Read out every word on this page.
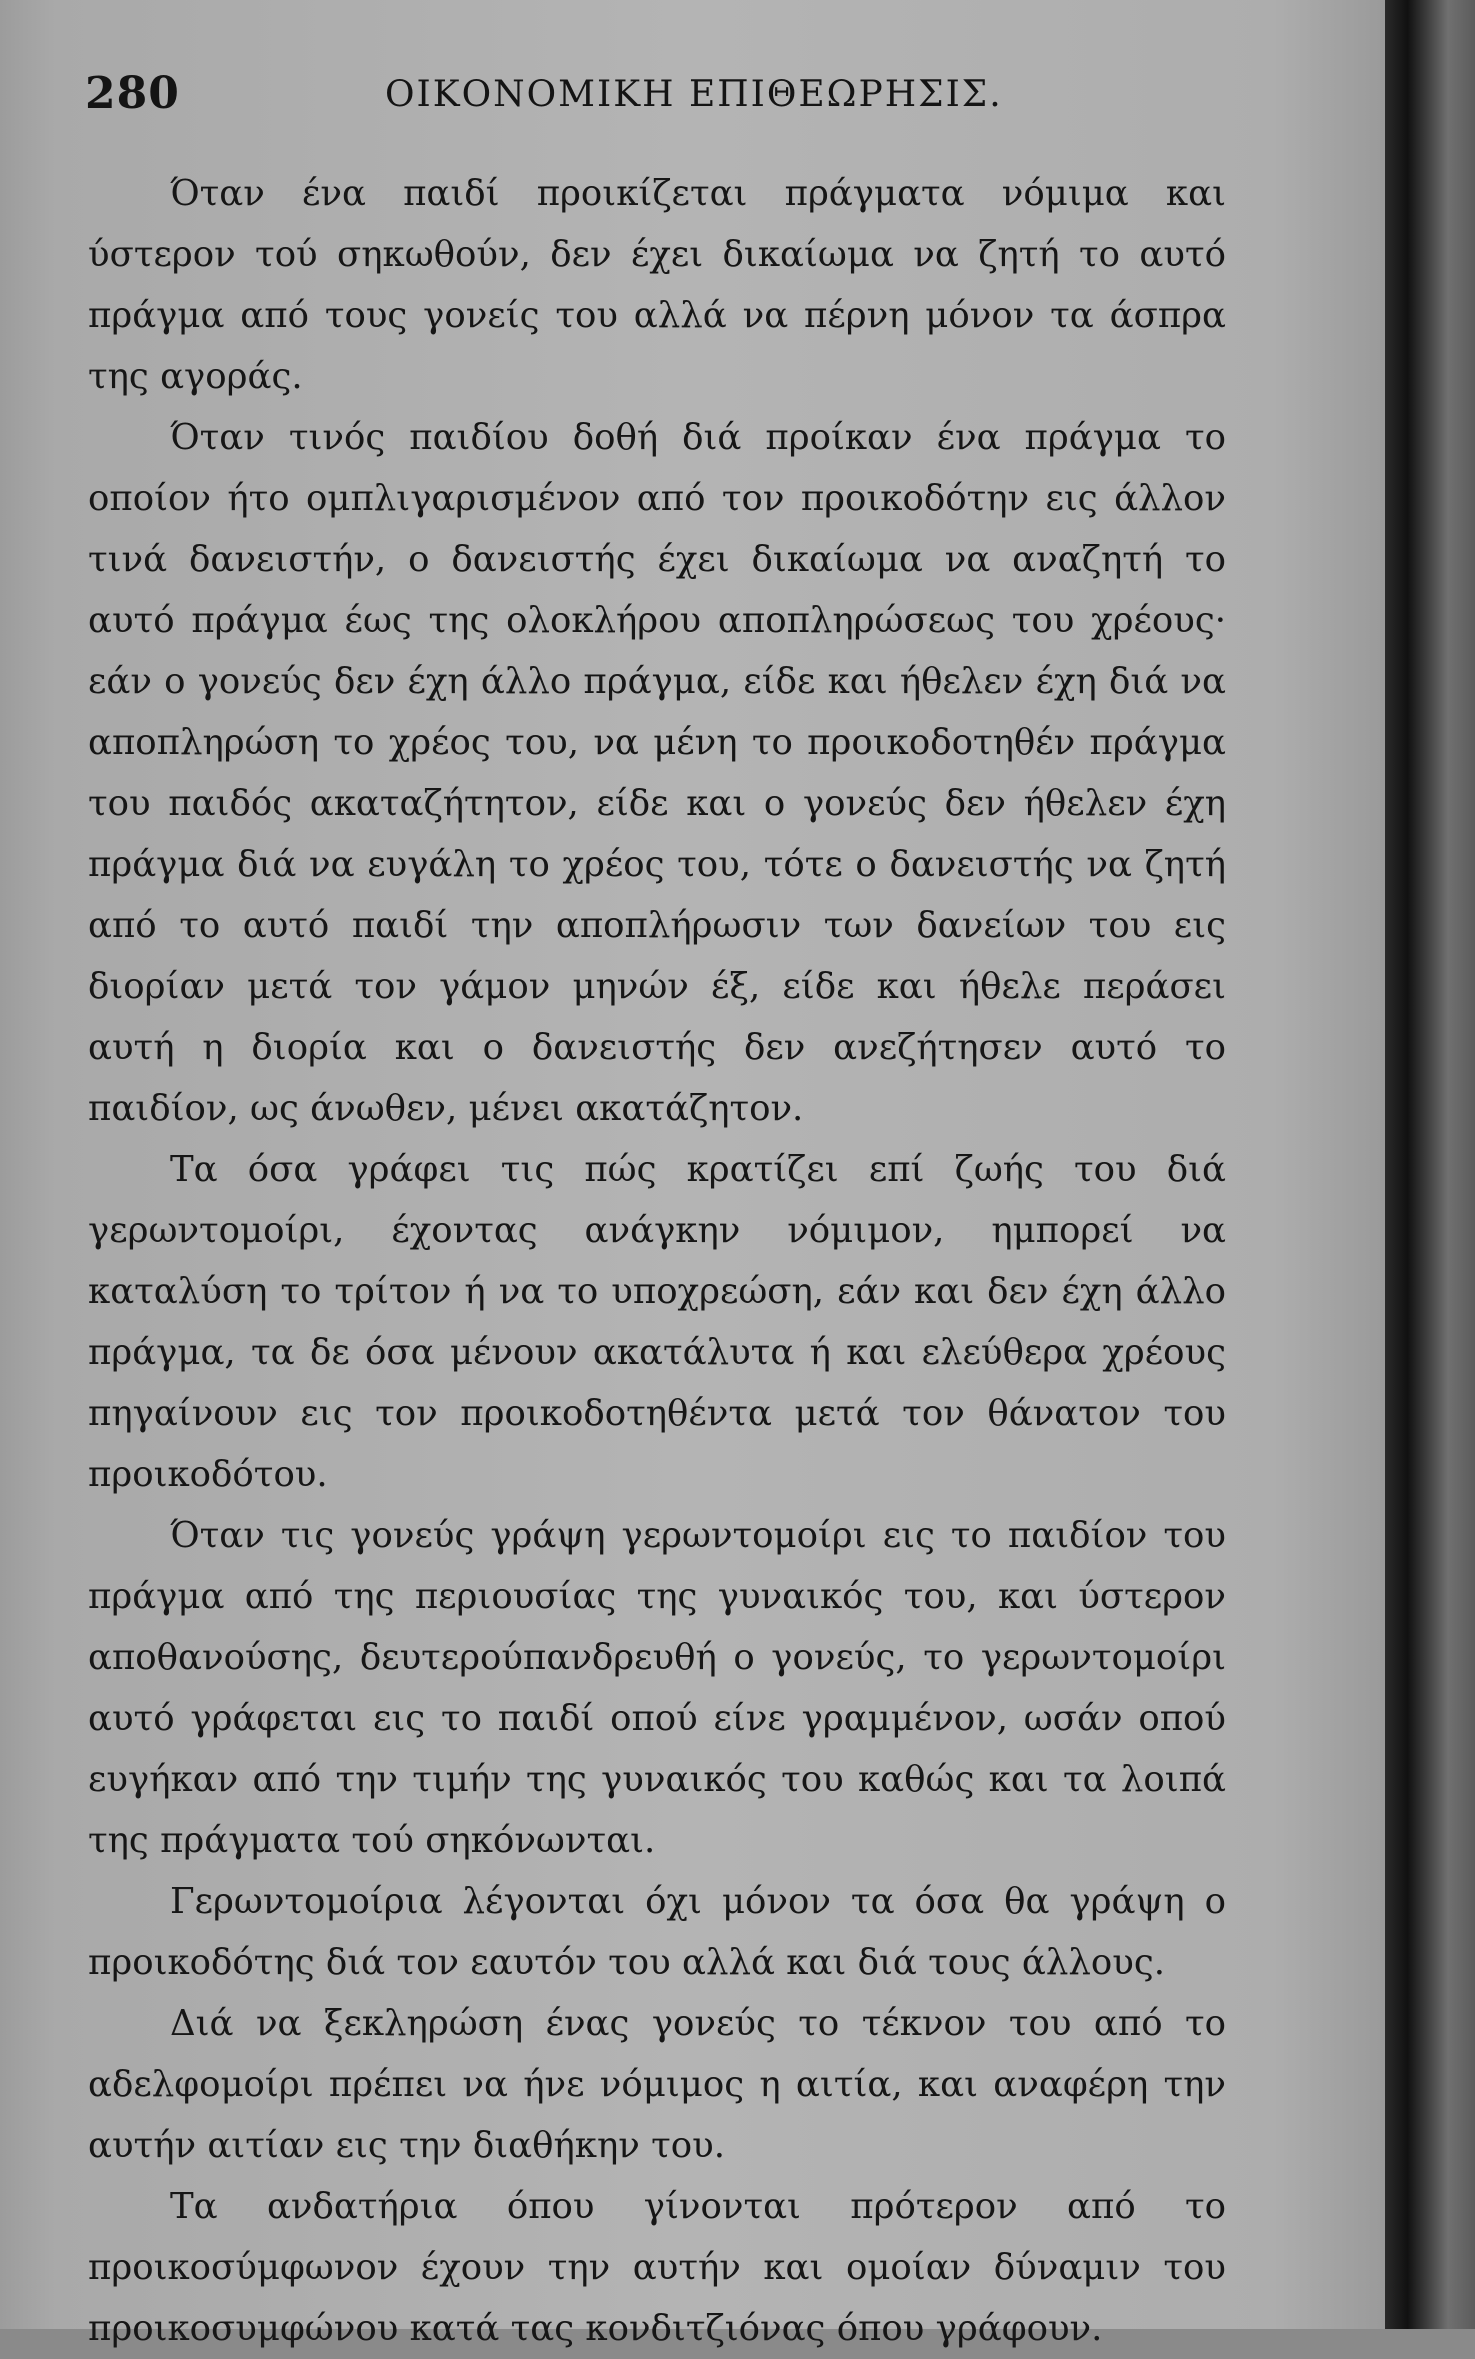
280	ΟΙΚΟΝΟΜΙΚΗ ΕΠΙΘΕΩΡΗΣΙΣ.

Όταν ένα παιδί προικίζεται πράγματα νόμιμα και ύστερον τού σηκωθούν, δεν έχει δικαίωμα να ζητή το αυτό πράγμα από τους γονείς του αλλά να πέρνη μόνον τα άσπρα της αγοράς.

Όταν τινός παιδίου δοθή διά προίκαν ένα πράγμα το οποίον ήτο ομπλιγαρισμένον από τον προικοδότην εις άλλον τινά δανειστήν, ο δανειστής έχει δικαίωμα να αναζητή το αυτό πράγμα έως της ολοκλήρου αποπληρώσεως του χρέους· εάν ο γονεύς δεν έχη άλλο πράγμα, είδε και ήθελεν έχη διά να αποπληρώση το χρέος του, να μένη το προικοδοτηθέν πράγμα του παιδός ακαταζήτητον, είδε και ο γονεύς δεν ήθελεν έχη πράγμα διά να ευγάλη το χρέος του, τότε ο δανειστής να ζητή από το αυτό παιδί την αποπλήρωσιν των δανείων του εις διορίαν μετά τον γάμον μηνών έξ, είδε και ήθελε περάσει αυτή η διορία και ο δανειστής δεν ανεζήτησεν αυτό το παιδίον, ως άνωθεν, μένει ακατάζητον.

Τα όσα γράφει τις πώς κρατίζει επί ζωής του διά γερωντομοίρι, έχοντας ανάγκην νόμιμον, ημπορεί να καταλύση το τρίτον ή να το υποχρεώση, εάν και δεν έχη άλλο πράγμα, τα δε όσα μένουν ακατάλυτα ή και ελεύθερα χρέους πηγαίνουν εις τον προικοδοτηθέντα μετά τον θάνατον του προικοδότου.

Όταν τις γονεύς γράψη γερωντομοίρι εις το παιδίον του πράγμα από της περιουσίας της γυναικός του, και ύστερον αποθανούσης, δευτερούπανδρευθή ο γονεύς, το γερωντομοίρι αυτό γράφεται εις το παιδί οπού είνε γραμμένον, ωσάν οπού ευγήκαν από την τιμήν της γυναικός του καθώς και τα λοιπά της πράγματα τού σηκόνωνται.

Γερωντομοίρια λέγονται όχι μόνον τα όσα θα γράψη ο προικοδότης διά τον εαυτόν του αλλά και διά τους άλλους.

Διά να ξεκληρώση ένας γονεύς το τέκνον του από το αδελφομοίρι πρέπει να ήνε νόμιμος η αιτία, και αναφέρη την αυτήν αιτίαν εις την διαθήκην του.

Τα ανδατήρια όπου γίνονται πρότερον από το προικοσύμφωνον έχουν την αυτήν και ομοίαν δύναμιν του προικοσυμφώνου κατά τας κονδιτζιόνας όπου γράφουν.
